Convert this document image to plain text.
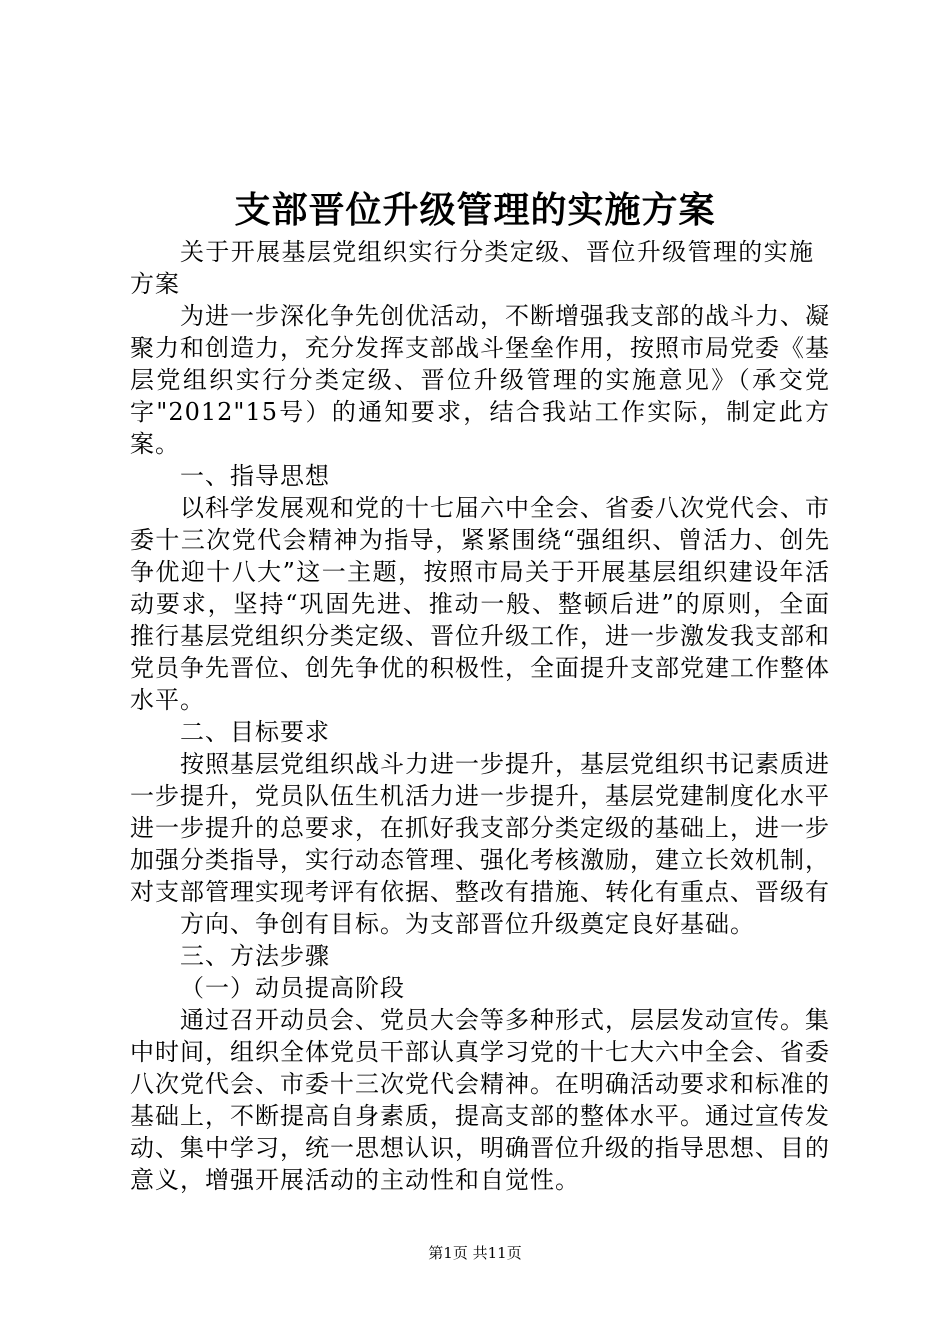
支部晋位升级管理的实施方案

关于开展基层党组织实行分类定级、晋位升级管理的实施方案

为进一步深化争先创优活动，不断增强我支部的战斗力、凝聚力和创造力，充分发挥支部战斗堡垒作用，按照市局党委《基层党组织实行分类定级、晋位升级管理的实施意见》（承交党字"2012"15号）的通知要求，结合我站工作实际，制定此方案。

一、指导思想

以科学发展观和党的十七届六中全会、省委八次党代会、市委十三次党代会精神为指导，紧紧围绕“强组织、曾活力、创先争优迎十八大”这一主题，按照市局关于开展基层组织建设年活动要求，坚持“巩固先进、推动一般、整顿后进”的原则，全面推行基层党组织分类定级、晋位升级工作，进一步激发我支部和党员争先晋位、创先争优的积极性，全面提升支部党建工作整体水平。

二、目标要求

按照基层党组织战斗力进一步提升，基层党组织书记素质进一步提升，党员队伍生机活力进一步提升，基层党建制度化水平进一步提升的总要求，在抓好我支部分类定级的基础上，进一步加强分类指导，实行动态管理、强化考核激励，建立长效机制，对支部管理实现考评有依据、整改有措施、转化有重点、晋级有

方向、争创有目标。为支部晋位升级奠定良好基础。

三、方法步骤

（一）动员提高阶段

通过召开动员会、党员大会等多种形式，层层发动宣传。集中时间，组织全体党员干部认真学习党的十七大六中全会、省委八次党代会、市委十三次党代会精神。在明确活动要求和标准的基础上，不断提高自身素质，提高支部的整体水平。通过宣传发动、集中学习，统一思想认识，明确晋位升级的指导思想、目的意义，增强开展活动的主动性和自觉性。

第1页 共11页
